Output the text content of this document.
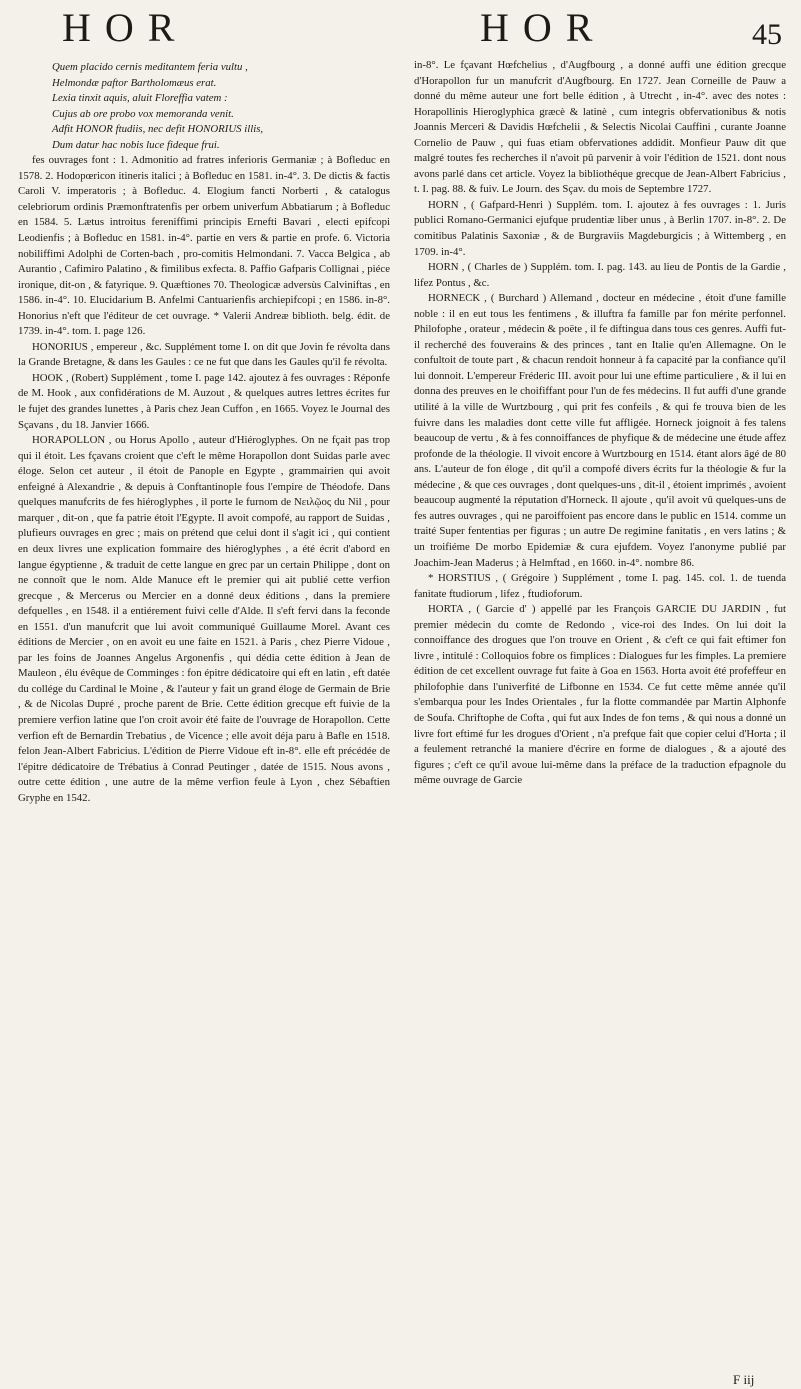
HOR	HOR	45

Quem placido cernis meditantem feria vultu ,

Helmondæ paftor Bartholomæus erat.

Lexia tinxit aquis, aluit Floreffia vatem :

Cujus ab ore probo vox memoranda venit.

Adfit HONOR ftudiis, nec defit HONORIUS illis,

Dum datur hac nobis luce fideque frui.

fes ouvrages font : 1. Admonitio ad fratres inferioris Germaniæ ; à Bofleduc en 1578. 2. Hodopœricon itineris italici ; à Bofleduc en 1581. in-4°. 3. De dictis & factis Caroli V. imperatoris ; à Bofleduc. 4. Elogium fancti Norberti , & catalogus celebriorum ordinis Præmonftratenfis per orbem univerfum Abbatiarum ; à Bofleduc en 1584. 5. Lætus introitus fereniffimi principis Ernefti Bavari , electi epifcopi Leodienfis ; à Bofleduc en 1581. in-4°. partie en vers & partie en profe. 6. Victoria nobiliffimi Adolphi de Corten-bach , pro-comitis Helmondani. 7. Vacca Belgica , ab Aurantio , Cafimiro Palatino , & fimilibus exfecta. 8. Paffio Gafparis Collignai , piéce ironique, dit-on , & fatyrique. 9. Quæftiones 70. Theologicæ adversùs Calviniftas , en 1586. in-4°. 10. Elucidarium B. Anfelmi Cantuarienfis archiepifcopi ; en 1586. in-8°. Honorius n'eft que l'éditeur de cet ouvrage. * Valerii Andreæ biblioth. belg. édit. de 1739. in-4°. tom. I. page 126.

HONORIUS , empereur , &c. Supplément tome I. on dit que Jovin fe révolta dans la Grande Bretagne, & dans les Gaules : ce ne fut que dans les Gaules qu'il fe révolta.

HOOK , (Robert) Supplément , tome I. page 142. ajoutez à fes ouvrages : Réponfe de M. Hook , aux confidérations de M. Auzout , & quelques autres lettres écrites fur le fujet des grandes lunettes , à Paris chez Jean Cuffon , en 1665. Voyez le Journal des Sçavans , du 18. Janvier 1666.

HORAPOLLON , ou Horus Apollo , auteur d'Hiéroglyphes. On ne fçait pas trop qui il étoit. Les fçavans croient que c'eft le même Horapollon dont Suidas parle avec éloge. Selon cet auteur , il étoit de Panople en Egypte , grammairien qui avoit enfeigné à Alexandrie , & depuis à Conftantinople fous l'empire de Théodofe. Dans quelques manufcrits de fes hiéroglyphes , il porte le furnom de Νειλῷος du Nil , pour marquer , dit-on , que fa patrie étoit l'Egypte. Il avoit compofé, au rapport de Suidas , plufieurs ouvrages en grec ; mais on prétend que celui dont il s'agit ici , qui contient en deux livres une explication fommaire des hiéroglyphes , a été écrit d'abord en langue égyptienne , & traduit de cette langue en grec par un certain Philippe , dont on ne connoît que le nom. Alde Manuce eft le premier qui ait publié cette verfion grecque , & Mercerus ou Mercier en a donné deux éditions , dans la premiere defquelles , en 1548. il a entiérement fuivi celle d'Alde. Il s'eft fervi dans la feconde en 1551. d'un manufcrit que lui avoit communiqué Guillaume Morel. Avant ces éditions de Mercier , on en avoit eu une faite en 1521. à Paris , chez Pierre Vidoue , par les foins de Joannes Angelus Argonenfis , qui dédia cette édition à Jean de Mauleon , élu évêque de Comminges : fon épitre dédicatoire qui eft en latin , eft datée du collége du Cardinal le Moine , & l'auteur y fait un grand éloge de Germain de Brie , & de Nicolas Dupré , proche parent de Brie. Cette édition grecque eft fuivie de la premiere verfion latine que l'on croit avoir été faite de l'ouvrage de Horapollon. Cette verfion eft de Bernardin Trebatius , de Vicence ; elle avoit déja paru à Bafle en 1518. felon Jean-Albert Fabricius. L'édition de Pierre Vidoue eft in-8°. elle eft précédée de l'épitre dédicatoire de Trébatius à Conrad Peutinger , datée de 1515. Nous avons , outre cette édition , une autre de la même verfion feule à Lyon , chez Sébaftien Gryphe en 1542.

in-8°. Le fçavant Hœfchelius , d'Augfbourg , a donné auffi une édition grecque d'Horapollon fur un manufcrit d'Augfbourg. En 1727. Jean Corneille de Pauw a donné du même auteur une fort belle édition , à Utrecht , in-4°. avec des notes : Horapollinis Hieroglyphica græcè & latinè , cum integris obfervationibus & notis Joannis Merceri & Davidis Hœfchelii , & Selectis Nicolai Cauffini , curante Joanne Cornelio de Pauw , qui fuas etiam obfervationes addidit. Monfieur Pauw dit que malgré toutes fes recherches il n'avoit pû parvenir à voir l'édition de 1521. dont nous avons parlé dans cet article. Voyez la bibliothéque grecque de Jean-Albert Fabricius , t. I. pag. 88. & fuiv. Le Journ. des Sçav. du mois de Septembre 1727.

HORN , ( Gafpard-Henri ) Supplém. tom. I. ajoutez à fes ouvrages : 1. Juris publici Romano-Germanici ejufque prudentiæ liber unus , à Berlin 1707. in-8°. 2. De comitibus Palatinis Saxoniæ , & de Burgraviis Magdeburgicis ; à Wittemberg , en 1709. in-4°.

HORN , ( Charles de ) Supplém. tom. I. pag. 143. au lieu de Pontis de la Gardie , lifez Pontus , &c.

HORNECK , ( Burchard ) Allemand , docteur en médecine , étoit d'une famille noble : il en eut tous les fentimens , & illuftra fa famille par fon mérite perfonnel. Philofophe , orateur , médecin & poëte , il fe diftingua dans tous ces genres. Auffi fut-il recherché des fouverains & des princes , tant en Italie qu'en Allemagne. On le confultoit de toute part , & chacun rendoit honneur à fa capacité par la confiance qu'il lui donnoit. L'empereur Fréderic III. avoit pour lui une eftime particuliere , & il lui en donna des preuves en le choififfant pour l'un de fes médecins. Il fut auffi d'une grande utilité à la ville de Wurtzbourg , qui prit fes confeils , & qui fe trouva bien de les fuivre dans les maladies dont cette ville fut affligée. Horneck joignoit à fes talens beaucoup de vertu , & à fes connoiffances de phyfique & de médecine une étude affez profonde de la théologie. Il vivoit encore à Wurtzbourg en 1514. étant alors âgé de 80 ans. L'auteur de fon éloge , dit qu'il a compofé divers écrits fur la théologie & fur la médecine , & que ces ouvrages , dont quelques-uns , dit-il , étoient imprimés , avoient beaucoup augmenté la réputation d'Horneck. Il ajoute , qu'il avoit vû quelques-uns de fes autres ouvrages , qui ne paroiffoient pas encore dans le public en 1514. comme un traité Super fententias per figuras ; un autre De regimine fanitatis , en vers latins ; & un troifiéme De morbo Epidemiæ & cura ejufdem. Voyez l'anonyme publié par Joachim-Jean Maderus ; à Helmftad , en 1660. in-4°. nombre 86.

* HORSTIUS , ( Grégoire ) Supplément , tome I. pag. 145. col. 1. de tuenda fanitate ftudiorum , lifez , ftudioforum.

HORTA , ( Garcie d' ) appellé par les François GARCIE DU JARDIN , fut premier médecin du comte de Redondo , vice-roi des Indes. On lui doit la connoiffance des drogues que l'on trouve en Orient , & c'eft ce qui fait eftimer fon livre , intitulé : Colloquios fobre os fimplices : Dialogues fur les fimples. La premiere édition de cet excellent ouvrage fut faite à Goa en 1563. Horta avoit été profeffeur en philofophie dans l'univerfité de Lifbonne en 1534. Ce fut cette même année qu'il s'embarqua pour les Indes Orientales , fur la flotte commandée par Martin Alphonfe de Soufa. Chriftophe de Cofta , qui fut aux Indes de fon tems , & qui nous a donné un livre fort eftimé fur les drogues d'Orient , n'a prefque fait que copier celui d'Horta ; il a feulement retranché la maniere d'écrire en forme de dialogues , & a ajouté des figures ; c'eft ce qu'il avoue lui-même dans la préface de la traduction efpagnole du même ouvrage de Garcie

F iij
